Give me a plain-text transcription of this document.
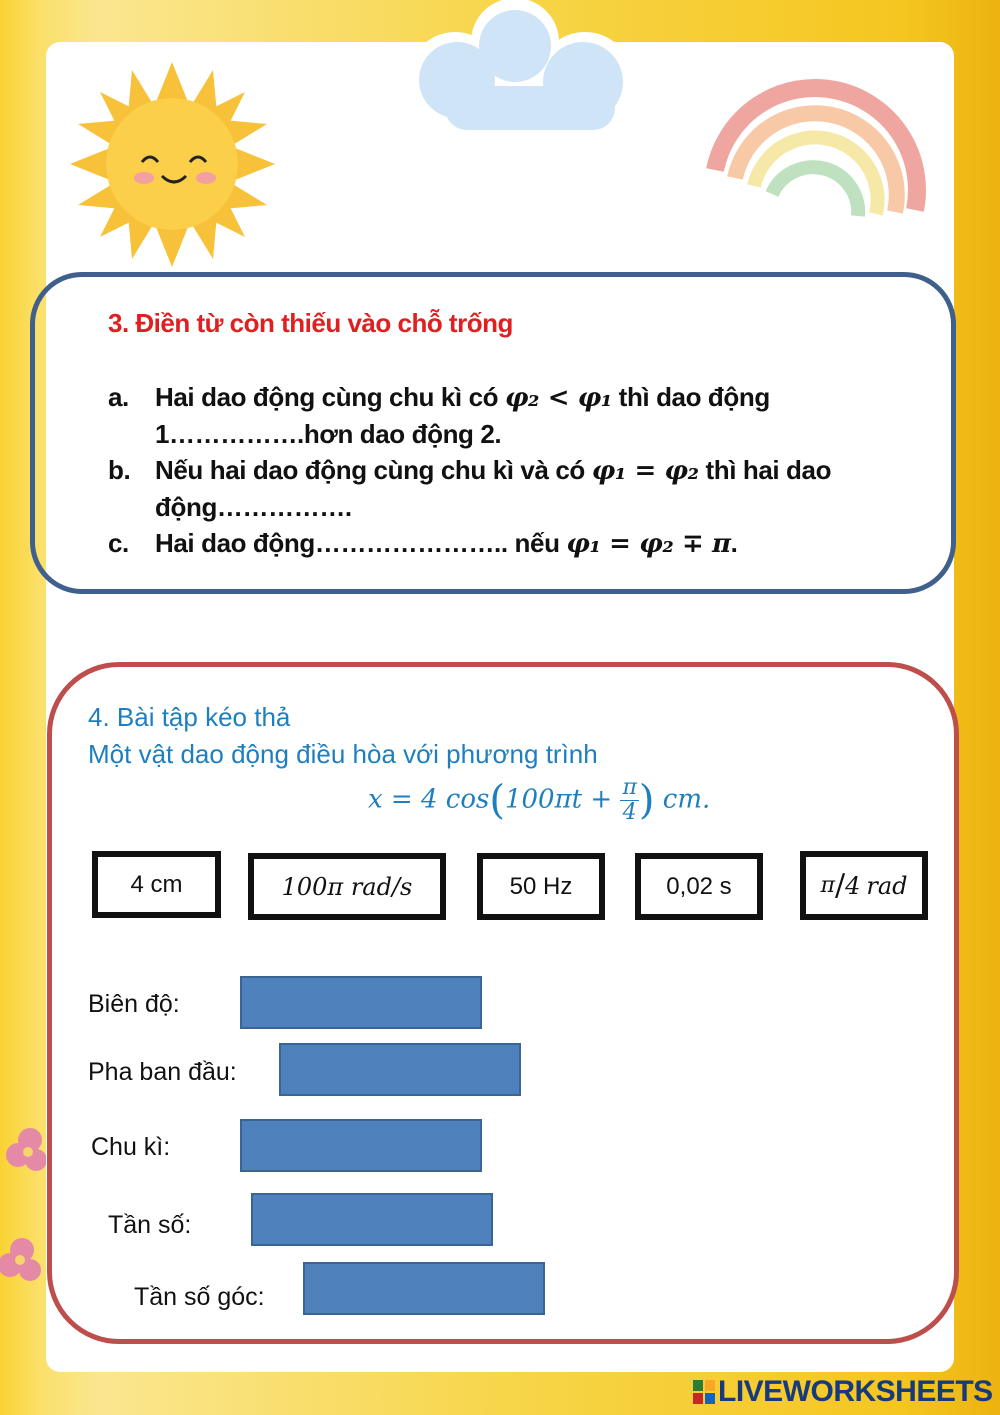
3. Điền từ còn thiếu vào chỗ trống
a. Hai dao động cùng chu kì có φ₂ < φ₁ thì dao động
1…………….hơn dao động 2.
b. Nếu hai dao động cùng chu kì và có φ₁ = φ₂ thì hai dao
động…………….
c. Hai dao động………………….. nếu φ₁ = φ₂ ∓ π.
4. Bài tập kéo thả
Một vật dao động điều hòa với phương trình
x = 4 $\cos(100\pi t + \frac{\pi}{4}$ ) cm.
4 cm	100π rad/s	50 Hz	0,02 s	π / 4 rad
Biên độ:
Pha ban đầu:
Chu kì:
Tần số:
Tần số góc:
LIVEWORKSHEETS
